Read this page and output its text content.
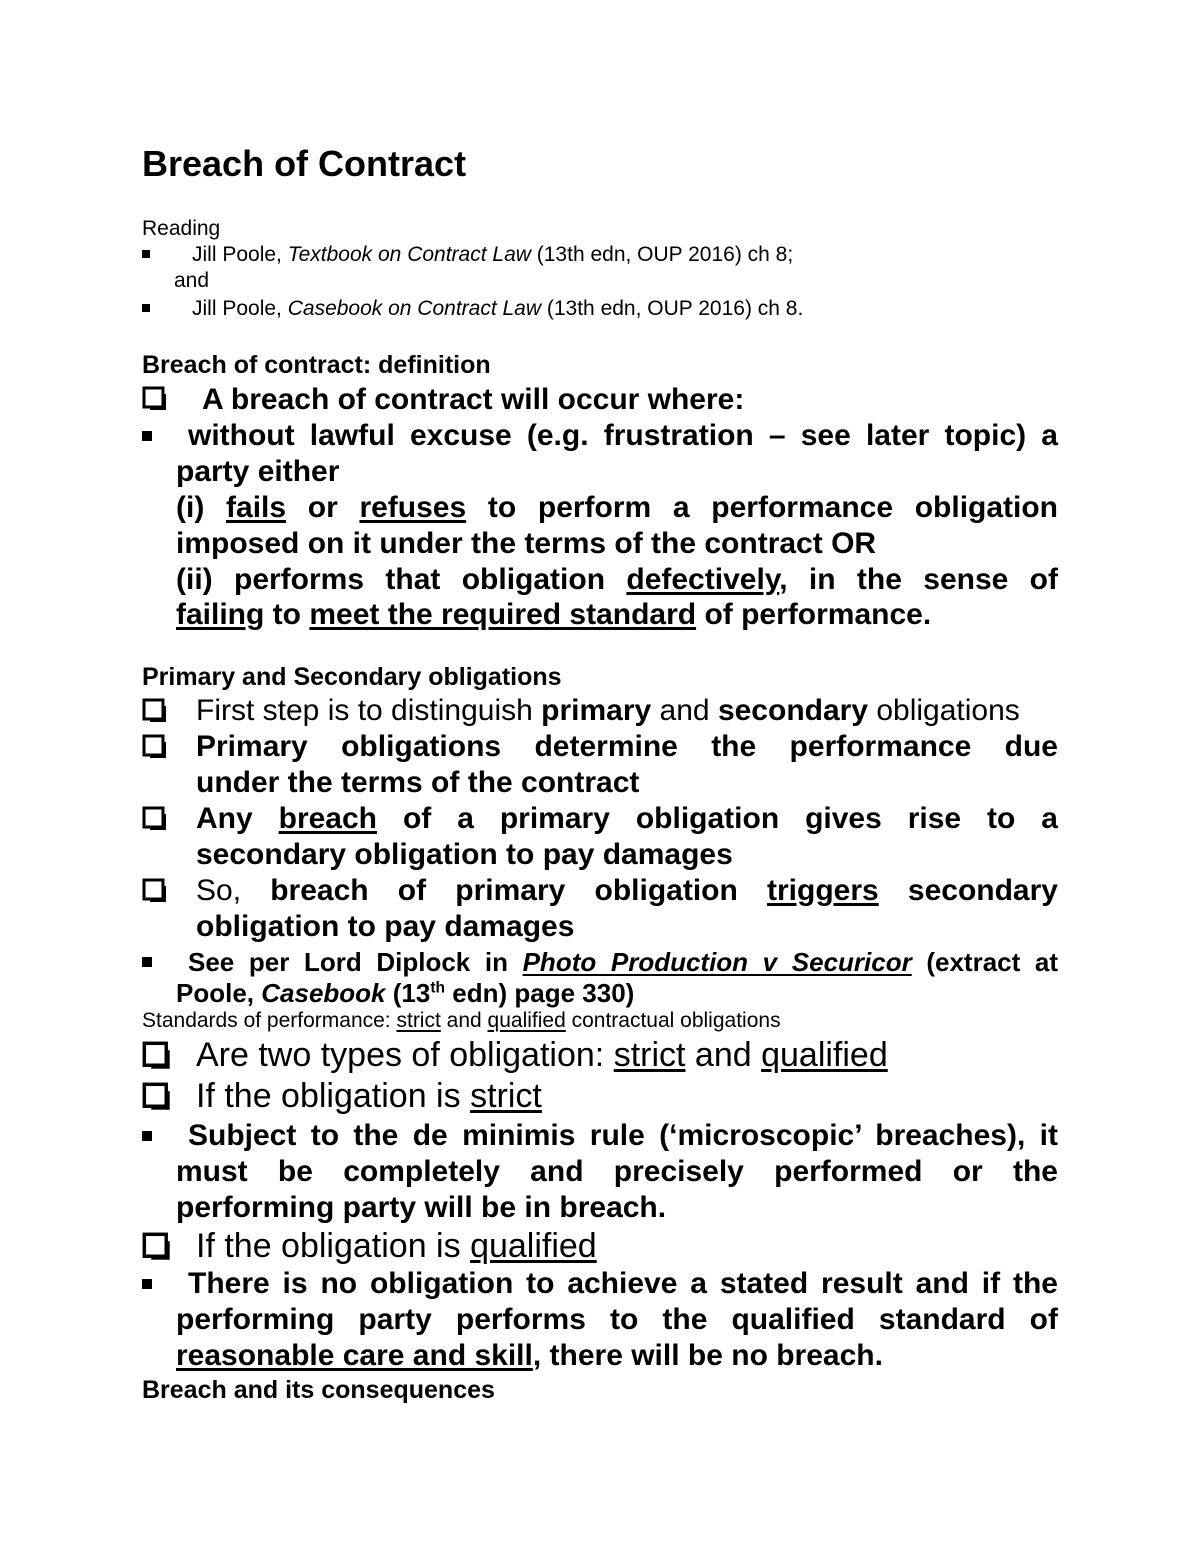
Breach of Contract
Reading
Jill Poole, Textbook on Contract Law (13th edn, OUP 2016) ch 8;
and
Jill Poole, Casebook on Contract Law (13th edn, OUP 2016) ch 8.
Breach of contract: definition
A breach of contract will occur where:
without lawful excuse (e.g. frustration – see later topic) a
party either
(i) fails or refuses to perform a performance obligation
imposed on it under the terms of the contract OR
(ii) performs that obligation defectively, in the sense of
failing to meet the required standard of performance.
Primary and Secondary obligations
First step is to distinguish primary and secondary obligations
Primary obligations determine the performance due
under the terms of the contract
Any breach of a primary obligation gives rise to a
secondary obligation to pay damages
So, breach of primary obligation triggers secondary
obligation to pay damages
See per Lord Diplock in Photo Production v Securicor (extract at
Poole, Casebook (13th edn) page 330)
Standards of performance: strict and qualified contractual obligations
Are two types of obligation: strict and qualified
If the obligation is strict
Subject to the de minimis rule (‘microscopic’ breaches), it
must be completely and precisely performed or the
performing party will be in breach.
If the obligation is qualified
There is no obligation to achieve a stated result and if the
performing party performs to the qualified standard of
reasonable care and skill, there will be no breach.
Breach and its consequences
